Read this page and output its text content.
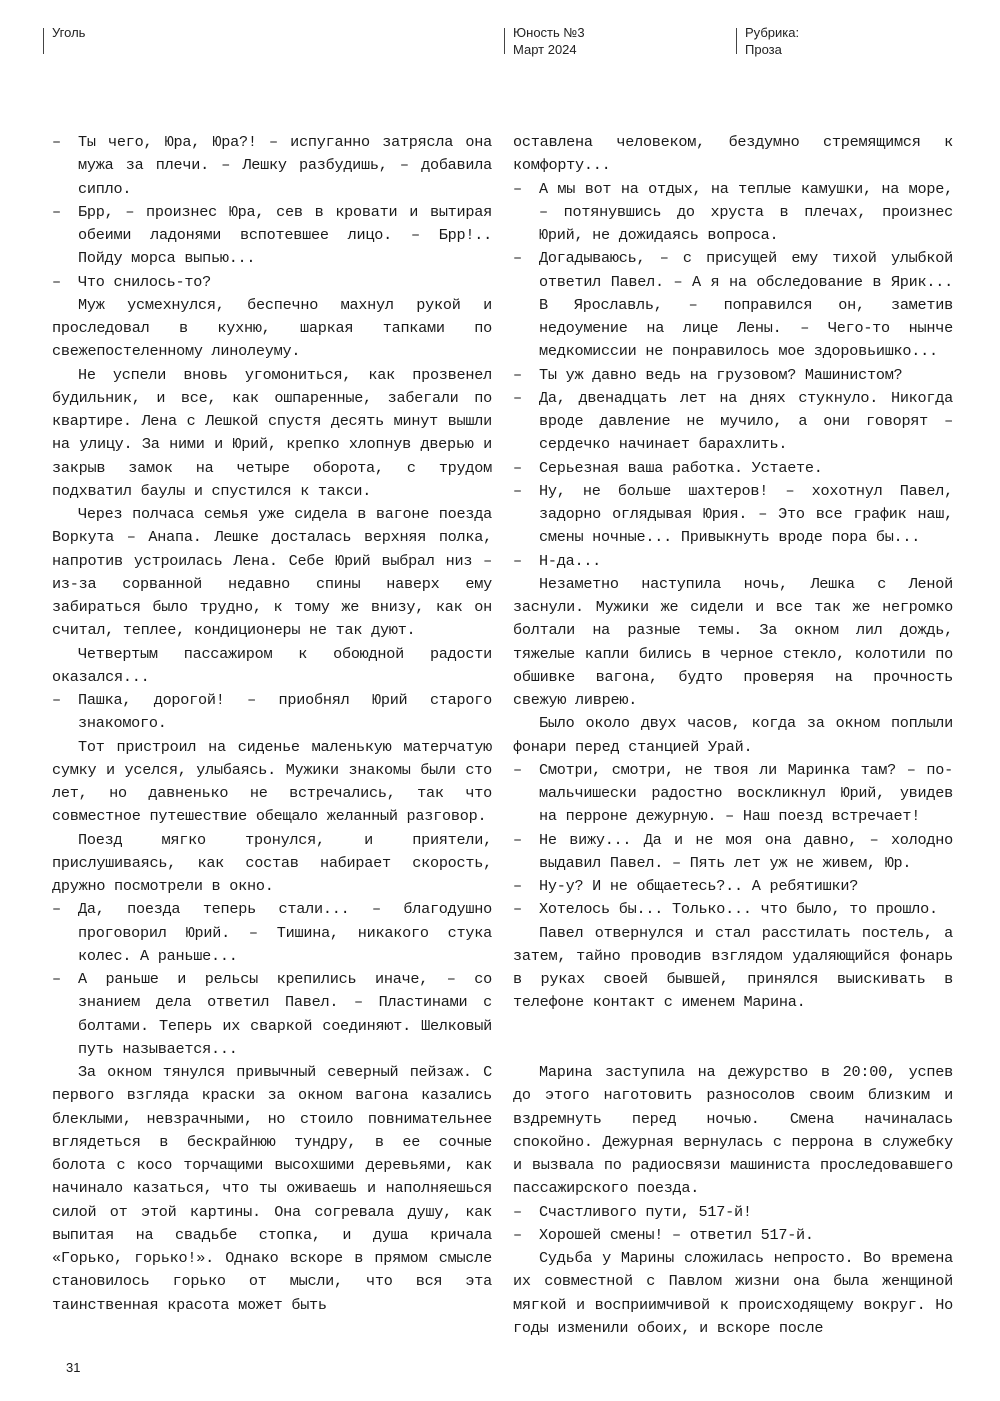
Уголь	Юность №3
Март 2024
Рубрика:
Проза
– Ты чего, Юра, Юра?! – испуганно затрясла она мужа за плечи. – Лешку разбудишь, – добавила сипло.
– Брр, – произнес Юра, сев в кровати и вытирая обеими ладонями вспотевшее лицо. – Брр!.. Пойду морса выпью...
– Что снилось-то?
Муж усмехнулся, беспечно махнул рукой и проследовал в кухню, шаркая тапками по свежепостеленному линолеуму.
Не успели вновь угомониться, как прозвенел будильник, и все, как ошпаренные, забегали по квартире. Лена с Лешкой спустя десять минут вышли на улицу. За ними и Юрий, крепко хлопнув дверью и закрыв замок на четыре оборота, с трудом подхватил баулы и спустился к такси.
Через полчаса семья уже сидела в вагоне поезда Воркута – Анапа. Лешке досталась верхняя полка, напротив устроилась Лена. Себе Юрий выбрал низ – из-за сорванной недавно спины наверх ему забираться было трудно, к тому же внизу, как он считал, теплее, кондиционеры не так дуют.
Четвертым пассажиром к обоюдной радости оказался...
– Пашка, дорогой! – приобнял Юрий старого знакомого.
Тот пристроил на сиденье маленькую матерчатую сумку и уселся, улыбаясь. Мужики знакомы были сто лет, но давненько не встречались, так что совместное путешествие обещало желанный разговор.
Поезд мягко тронулся, и приятели, прислушиваясь, как состав набирает скорость, дружно посмотрели в окно.
– Да, поезда теперь стали... – благодушно проговорил Юрий. – Тишина, никакого стука колес. А раньше...
– А раньше и рельсы крепились иначе, – со знанием дела ответил Павел. – Пластинами с болтами. Теперь их сваркой соединяют. Шелковый путь называется...
За окном тянулся привычный северный пейзаж. С первого взгляда краски за окном вагона казались блеклыми, невзрачными, но стоило повнимательнее вглядеться в бескрайнюю тундру, в ее сочные болота с косо торчащими высохшими деревьями, как начинало казаться, что ты оживаешь и наполняешься силой от этой картины. Она согревала душу, как выпитая на свадьбе стопка, и душа кричала «Горько, горько!». Однако вскоре в прямом смысле становилось горько от мысли, что вся эта таинственная красота может быть
оставлена человеком, бездумно стремящимся к комфорту...
– А мы вот на отдых, на теплые камушки, на море, – потянувшись до хруста в плечах, произнес Юрий, не дожидаясь вопроса.
– Догадываюсь, – с присущей ему тихой улыбкой ответил Павел. – А я на обследование в Ярик... В Ярославль, – поправился он, заметив недоумение на лице Лены. – Чего-то нынче медкомиссии не понравилось мое здоровьишко...
– Ты уж давно ведь на грузовом? Машинистом?
– Да, двенадцать лет на днях стукнуло. Никогда вроде давление не мучило, а они говорят – сердечко начинает барахлить.
– Серьезная ваша работка. Устаете.
– Ну, не больше шахтеров! – хохотнул Павел, задорно оглядывая Юрия. – Это все график наш, смены ночные... Привыкнуть вроде пора бы...
– Н-да...
Незаметно наступила ночь, Лешка с Леной заснули. Мужики же сидели и все так же негромко болтали на разные темы. За окном лил дождь, тяжелые капли бились в черное стекло, колотили по обшивке вагона, будто проверяя на прочность свежую ливрею.
Было около двух часов, когда за окном поплыли фонари перед станцией Урай.
– Смотри, смотри, не твоя ли Маринка там? – по-мальчишески радостно воскликнул Юрий, увидев на перроне дежурную. – Наш поезд встречает!
– Не вижу... Да и не моя она давно, – холодно выдавил Павел. – Пять лет уж не живем, Юр.
– Ну-у? И не общаетесь?.. А ребятишки?
– Хотелось бы... Только... что было, то прошло.
Павел отвернулся и стал расстилать постель, а затем, тайно проводив взглядом удаляющийся фонарь в руках своей бывшей, принялся выискивать в телефоне контакт с именем Марина.
Марина заступила на дежурство в 20:00, успев до этого наготовить разносолов своим близким и вздремнуть перед ночью. Смена начиналась спокойно. Дежурная вернулась с перрона в служебку и вызвала по радиосвязи машиниста проследовавшего пассажирского поезда.
– Счастливого пути, 517-й!
– Хорошей смены! – ответил 517-й.
Судьба у Марины сложилась непросто. Во времена их совместной с Павлом жизни она была женщиной мягкой и восприимчивой к происходящему вокруг. Но годы изменили обоих, и вскоре после
31
